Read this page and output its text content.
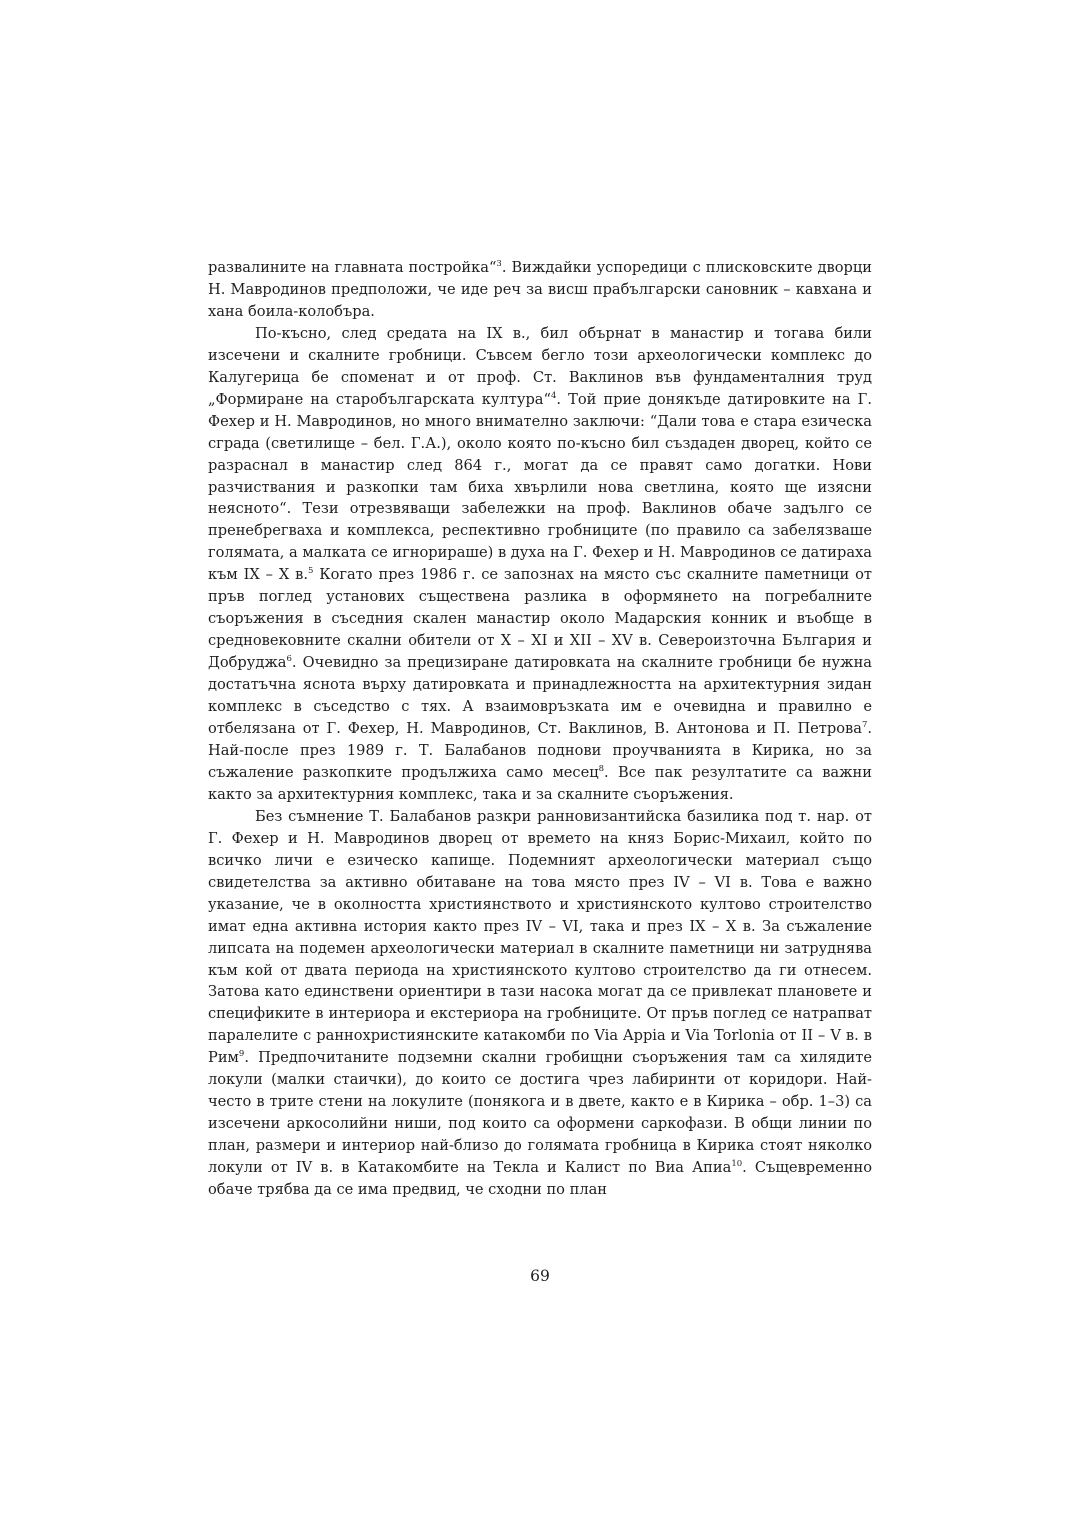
развалините на главната постройка“$^3$. Виждайки успоредици с плисковските дворци Н. Мавродинов предположи, че иде реч за висш прабългарски сановник – кавхана и хана боила-колобъра.

По-късно, след средата на IX в., бил обърнат в манастир и тогава били изсечени и скалните гробници. Съвсем бегло този археологически комплекс до Калугерица бе споменат и от проф. Ст. Ваклинов във фундаменталния труд „Формиране на старобългарската култура“$^4$. Той прие донякъде датировките на Г. Фехер и Н. Мавродинов, но много внимателно заключи: “Дали това е стара езическа сграда (светилище – бел. Г.А.), около която по-късно бил създаден дворец, който се разраснал в манастир след 864 г., могат да се правят само догатки. Нови разчиствания и разкопки там биха хвърлили нова светлина, която ще изясни неясното“. Тези отрезвяващи забележки на проф. Ваклинов обаче задълго се пренебрегваха и комплекса, респективно гробниците (по правило са забелязваше голямата, а малката се игнорираше) в духа на Г. Фехер и Н. Мавродинов се датираха към IX – X в.$^5$ Когато през 1986 г. се запознах на място със скалните паметници от пръв поглед установих съществена разлика в оформянето на погребалните съоръжения в съседния скален манастир около Мадарския конник и въобще в средновековните скални обители от X – XI и XII – XV в. Североизточна България и Добруджа$^6$. Очевидно за прецизиране датировката на скалните гробници бе нужна достатъчна яснота върху датировката и принадлежността на архитектурния зидан комплекс в съседство с тях. А взаимовръзката им е очевидна и правилно е отбелязана от Г. Фехер, Н. Мавродинов, Ст. Ваклинов, В. Антонова и П. Петрова$^7$. Най-после през 1989 г. Т. Балабанов поднови проучванията в Кирика, но за съжаление разкопките продължиха само месец$^8$. Все пак резултатите са важни както за архитектурния комплекс, така и за скалните съоръжения.

Без съмнение Т. Балабанов разкри ранновизантийска базилика под т. нар. от Г. Фехер и Н. Мавродинов дворец от времето на княз Борис-Михаил, който по всичко личи е езическо капище. Подемният археологически материал също свидетелства за активно обитаване на това място през IV – VI в. Това е важно указание, че в околността християнството и християнското култово строителство имат една активна история както през IV – VI, така и през IX – X в. За съжаление липсата на подемен археологически материал в скалните паметници ни затруднява към кой от двата периода на християнското култово строителство да ги отнесем. Затова като единствени ориентири в тази насока могат да се привлекат плановете и спецификите в интериора и екстериора на гробниците. От пръв поглед се натрапват паралелите с раннохристиянските катакомби по Via Appia и Via Torlonia от II – V в. в Рим$^9$. Предпочитаните подземни скални гробищни съоръжения там са хилядите локули (малки стаички), до които се достига чрез лабиринти от коридори. Най-често в трите стени на локулите (понякога и в двете, както е в Кирика – обр. 1–3) са изсечени аркосолийни ниши, под които са оформени саркофази. В общи линии по план, размери и интериор най-близо до голямата гробница в Кирика стоят няколко локули от IV в. в Катакомбите на Текла и Калист по Виа Апиа$^{10}$. Същевременно обаче трябва да се има предвид, че сходни по план

69
